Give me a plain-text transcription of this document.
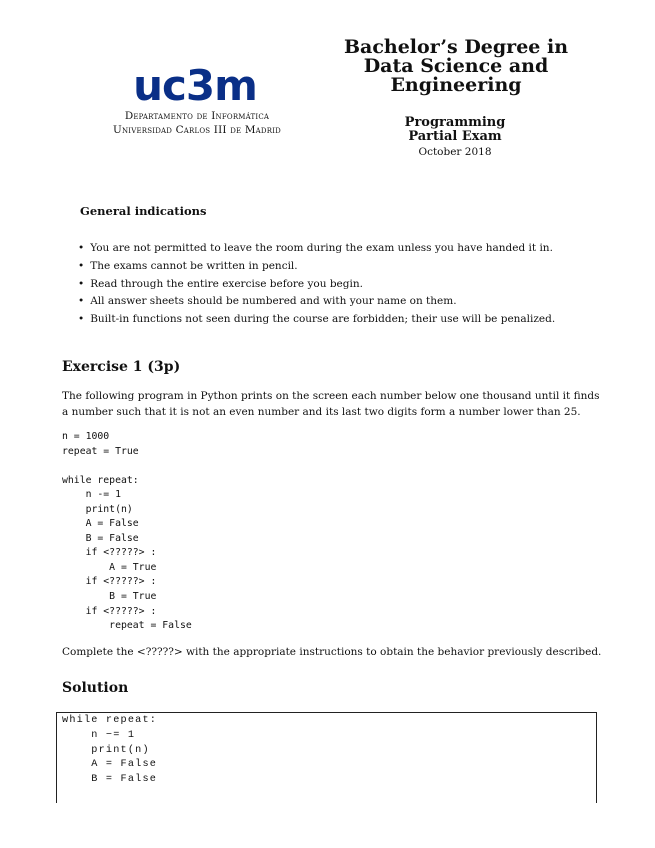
uc3m
Departamento de Informática
Universidad Carlos III de Madrid
Bachelor’s Degree in
Data Science and
Engineering
Programming
Partial Exam
October 2018
General indications
• You are not permitted to leave the room during the exam unless you have handed it in.
• The exams cannot be written in pencil.
• Read through the entire exercise before you begin.
• All answer sheets should be numbered and with your name on them.
• Built-in functions not seen during the course are forbidden; their use will be penalized.
Exercise 1 (3p)
The following program in Python prints on the screen each number below one thousand until it finds a number such that it is not an even number and its last two digits form a number lower than 25.
n = 1000
repeat = True
while repeat:
n -= 1
print(n)
A = False
B = False
if <?????> :
A = True
if <?????> :
B = True
if <?????> :
repeat = False
Complete the <?????> with the appropriate instructions to obtain the behavior previously described.
Solution
while repeat:
n −= 1
print(n)
A = False
B = False
